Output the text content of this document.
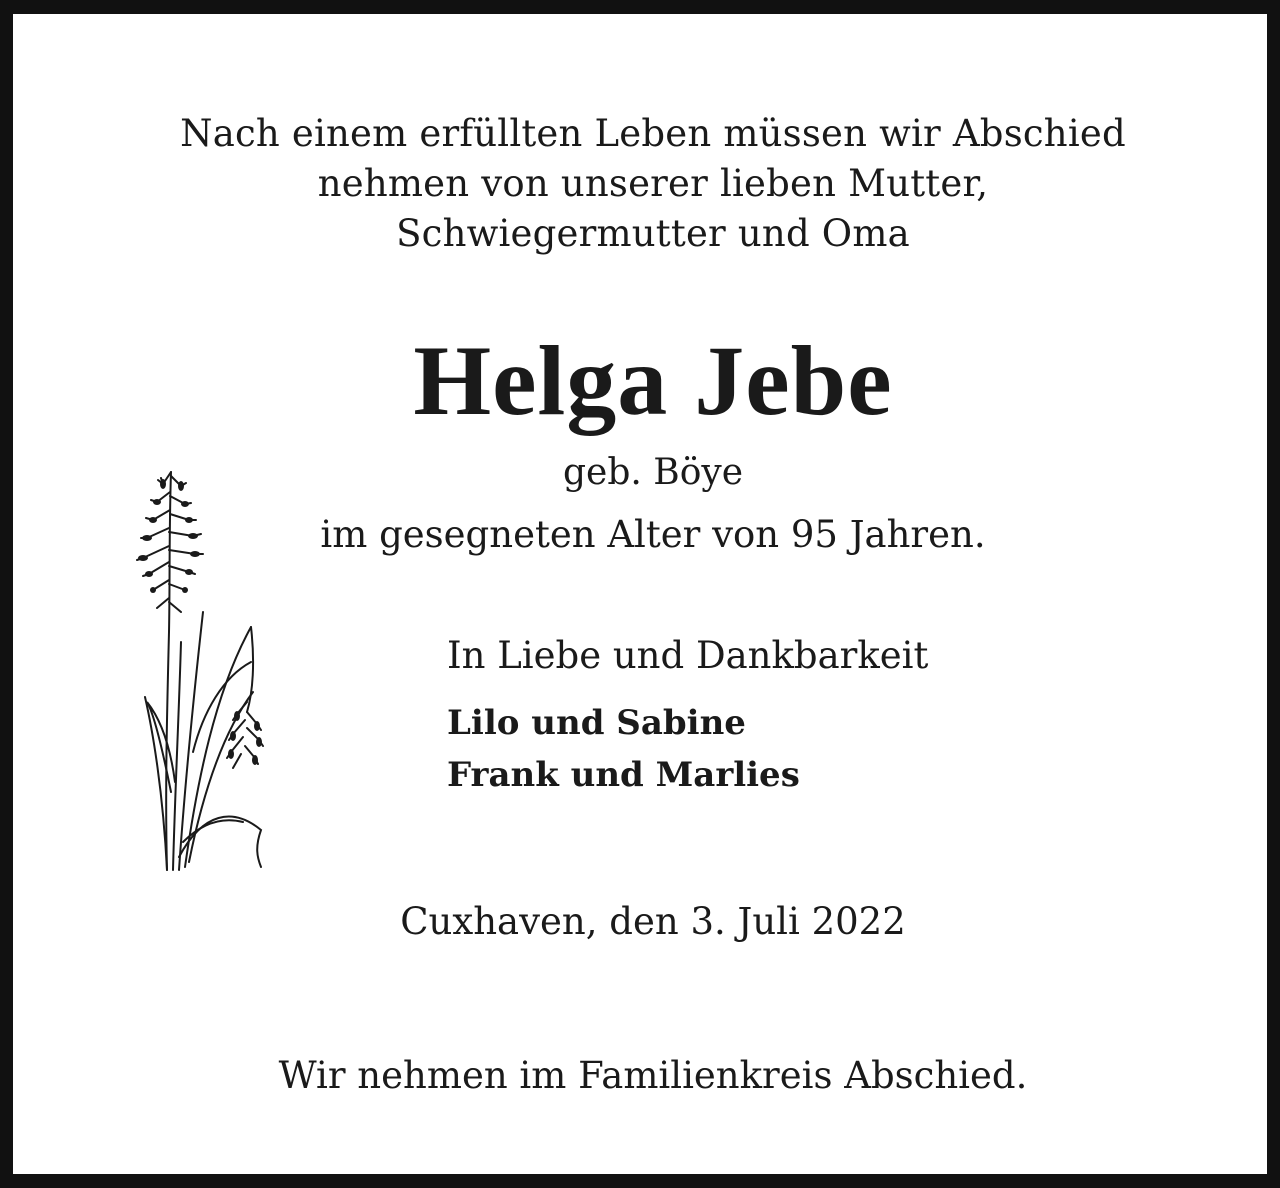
Nach einem erfüllten Leben müssen wir Abschied
nehmen von unserer lieben Mutter,
Schwiegermutter und Oma
Helga Jebe
geb. Böye
im gesegneten Alter von 95 Jahren.
In Liebe und Dankbarkeit
Lilo und Sabine
Frank und Marlies
Cuxhaven, den 3. Juli 2022
Wir nehmen im Familienkreis Abschied.
